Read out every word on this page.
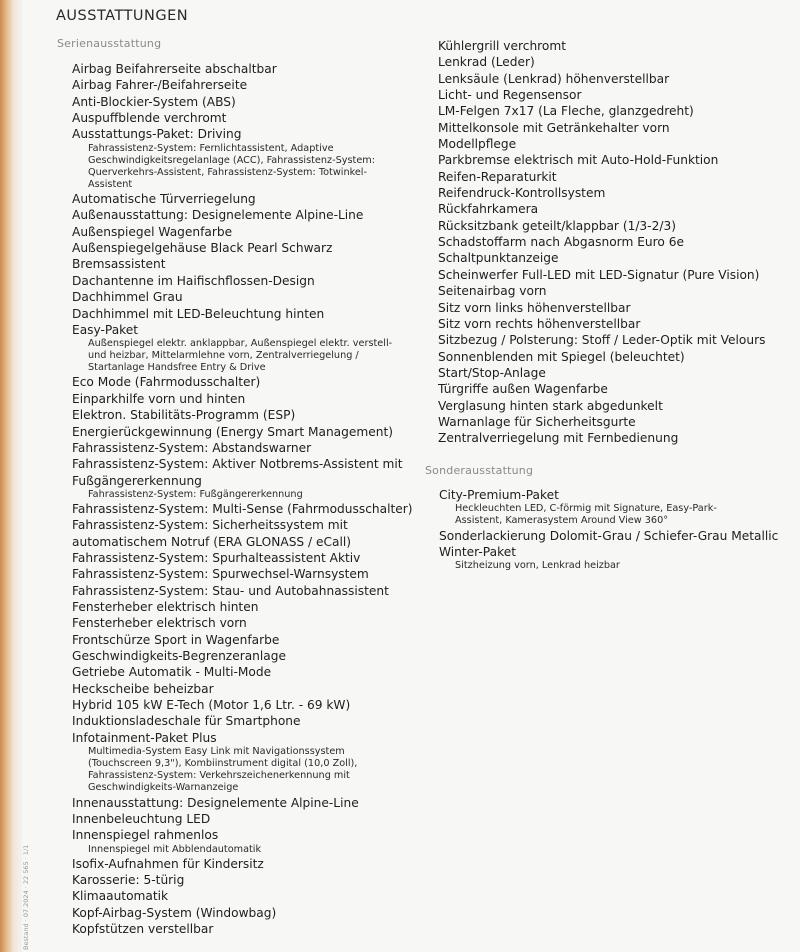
AUSSTATTUNGEN
Serienausstattung
Airbag Beifahrerseite abschaltbar
Airbag Fahrer-/Beifahrerseite
Anti-Blockier-System (ABS)
Auspuffblende verchromt
Ausstattungs-Paket: Driving
Fahrassistenz-System: Fernlichtassistent, Adaptive
Geschwindigkeitsregelanlage (ACC), Fahrassistenz-System:
Querverkehrs-Assistent, Fahrassistenz-System: Totwinkel-
Assistent
Automatische Türverriegelung
Außenausstattung: Designelemente Alpine-Line
Außenspiegel Wagenfarbe
Außenspiegelgehäuse Black Pearl Schwarz
Bremsassistent
Dachantenne im Haifischflossen-Design
Dachhimmel Grau
Dachhimmel mit LED-Beleuchtung hinten
Easy-Paket
Außenspiegel elektr. anklappbar, Außenspiegel elektr. verstell-
und heizbar, Mittelarmlehne vorn, Zentralverriegelung /
Startanlage Handsfree Entry & Drive
Eco Mode (Fahrmodusschalter)
Einparkhilfe vorn und hinten
Elektron. Stabilitäts-Programm (ESP)
Energierückgewinnung (Energy Smart Management)
Fahrassistenz-System: Abstandswarner
Fahrassistenz-System: Aktiver Notbrems-Assistent mit
Fußgängererkennung
Fahrassistenz-System: Fußgängererkennung
Fahrassistenz-System: Multi-Sense (Fahrmodusschalter)
Fahrassistenz-System: Sicherheitssystem mit
automatischem Notruf (ERA GLONASS / eCall)
Fahrassistenz-System: Spurhalteassistent Aktiv
Fahrassistenz-System: Spurwechsel-Warnsystem
Fahrassistenz-System: Stau- und Autobahnassistent
Fensterheber elektrisch hinten
Fensterheber elektrisch vorn
Frontschürze Sport in Wagenfarbe
Geschwindigkeits-Begrenzeranlage
Getriebe Automatik - Multi-Mode
Heckscheibe beheizbar
Hybrid 105 kW E-Tech (Motor 1,6 Ltr. - 69 kW)
Induktionsladeschale für Smartphone
Infotainment-Paket Plus
Multimedia-System Easy Link mit Navigationssystem
(Touchscreen 9,3"), Kombiinstrument digital (10,0 Zoll),
Fahrassistenz-System: Verkehrszeichenerkennung mit
Geschwindigkeits-Warnanzeige
Innenausstattung: Designelemente Alpine-Line
Innenbeleuchtung LED
Innenspiegel rahmenlos
Innenspiegel mit Abblendautomatik
Isofix-Aufnahmen für Kindersitz
Karosserie: 5-türig
Klimaautomatik
Kopf-Airbag-System (Windowbag)
Kopfstützen verstellbar
Kühlergrill verchromt
Lenkrad (Leder)
Lenksäule (Lenkrad) höhenverstellbar
Licht- und Regensensor
LM-Felgen 7x17 (La Fleche, glanzgedreht)
Mittelkonsole mit Getränkehalter vorn
Modellpflege
Parkbremse elektrisch mit Auto-Hold-Funktion
Reifen-Reparaturkit
Reifendruck-Kontrollsystem
Rückfahrkamera
Rücksitzbank geteilt/klappbar (1/3-2/3)
Schadstoffarm nach Abgasnorm Euro 6e
Schaltpunktanzeige
Scheinwerfer Full-LED mit LED-Signatur (Pure Vision)
Seitenairbag vorn
Sitz vorn links höhenverstellbar
Sitz vorn rechts höhenverstellbar
Sitzbezug / Polsterung: Stoff / Leder-Optik mit Velours
Sonnenblenden mit Spiegel (beleuchtet)
Start/Stop-Anlage
Türgriffe außen Wagenfarbe
Verglasung hinten stark abgedunkelt
Warnanlage für Sicherheitsgurte
Zentralverriegelung mit Fernbedienung
Sonderausstattung
City-Premium-Paket
Heckleuchten LED, C-förmig mit Signature, Easy-Park-
Assistent, Kamerasystem Around View 360°
Sonderlackierung Dolomit-Grau / Schiefer-Grau Metallic
Winter-Paket
Sitzheizung vorn, Lenkrad heizbar
Bestand · 07.2024 · 22 565 · 1/1
